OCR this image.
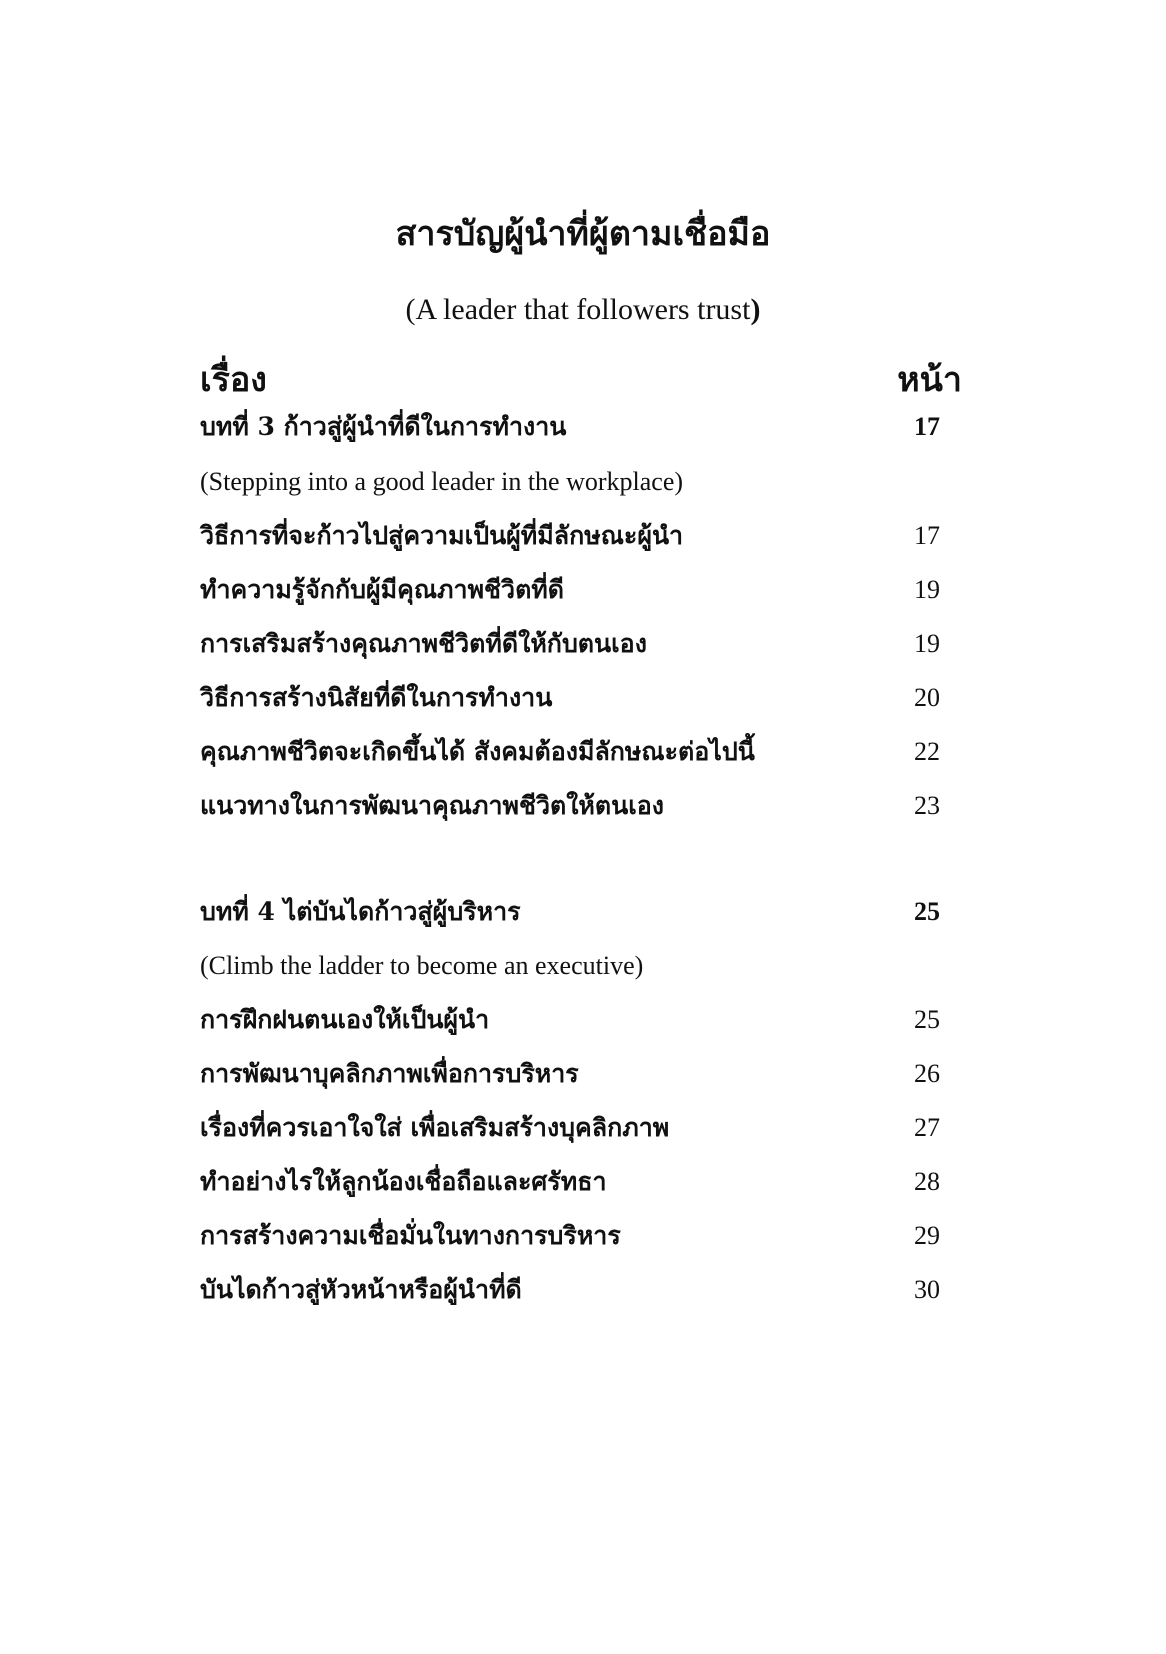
สารบัญผู้นำที่ผู้ตามเชื่อมือ
(A leader that followers trust)
เรื่อง	หน้า
บทที่ 3 ก้าวสู่ผู้นำที่ดีในการทำงาน	17
(Stepping into a good leader in the workplace)
วิธีการที่จะก้าวไปสู่ความเป็นผู้ที่มีลักษณะผู้นำ	17
ทำความรู้จักกับผู้มีคุณภาพชีวิตที่ดี	19
การเสริมสร้างคุณภาพชีวิตที่ดีให้กับตนเอง	19
วิธีการสร้างนิสัยที่ดีในการทำงาน	20
คุณภาพชีวิตจะเกิดขึ้นได้ สังคมต้องมีลักษณะต่อไปนี้	22
แนวทางในการพัฒนาคุณภาพชีวิตให้ตนเอง	23
บทที่ 4 ไต่บันไดก้าวสู่ผู้บริหาร	25
(Climb the ladder to become an executive)
การฝึกฝนตนเองให้เป็นผู้นำ	25
การพัฒนาบุคลิกภาพเพื่อการบริหาร	26
เรื่องที่ควรเอาใจใส่ เพื่อเสริมสร้างบุคลิกภาพ	27
ทำอย่างไรให้ลูกน้องเชื่อถือและศรัทธา	28
การสร้างความเชื่อมั่นในทางการบริหาร	29
บันไดก้าวสู่หัวหน้าหรือผู้นำที่ดี	30
